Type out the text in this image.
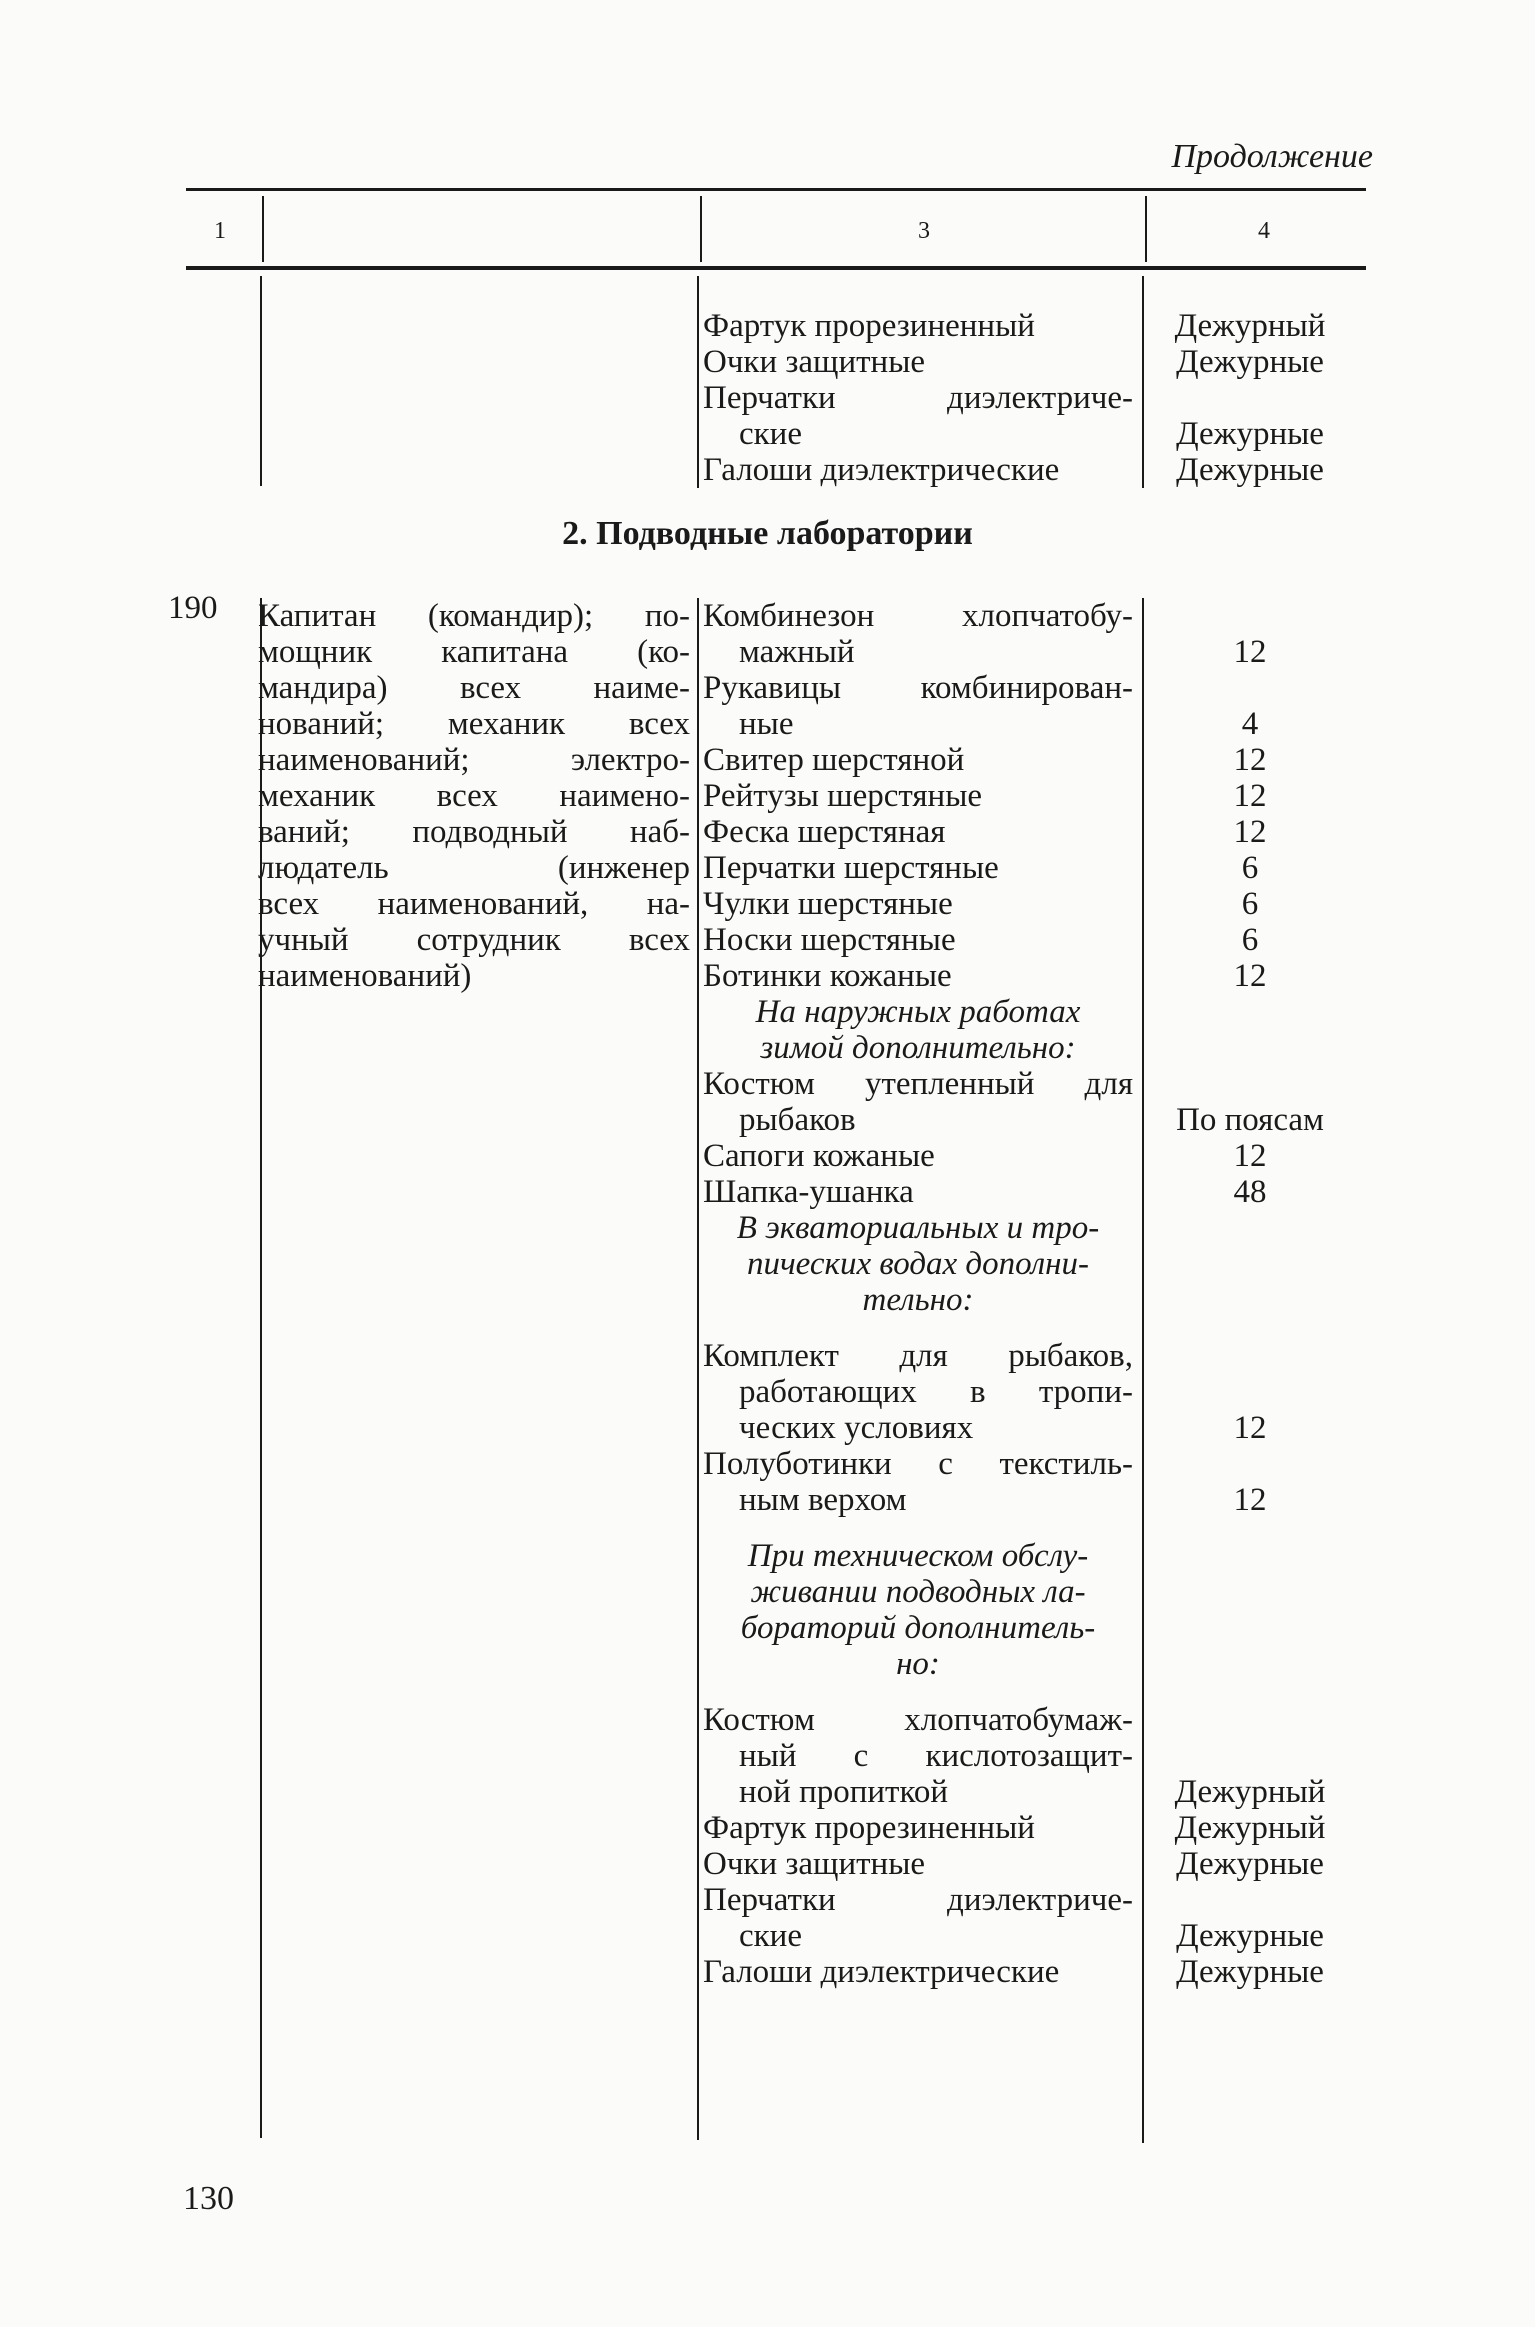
Продолжение
1	3	4
Фартук прорезиненный
Очки защитные
Перчатки диэлектриче-
ские
Галоши диэлектрические
Дежурный
Дежурные

Дежурные
Дежурные
2. Подводные лаборатории
190 Капитан (командир); по-
мощник капитана (ко-
мандира) всех наиме-
нований; механик всех
наименований; электро-
механик всех наимено-
ваний; подводный наб-
людатель (инженер
всех наименований, на-
учный сотрудник всех
наименований)
Комбинезон хлопчатобу-
мажный
Рукавицы комбинирован-
ные
Свитер шерстяной
Рейтузы шерстяные
Феска шерстяная
Перчатки шерстяные
Чулки шерстяные
Носки шерстяные
Ботинки кожаные
На наружных работах
зимой дополнительно:
Костюм утепленный для
рыбаков
Сапоги кожаные
Шапка-ушанка
В экваториальных и тро-
пических водах дополни-
тельно:
Комплект для рыбаков,
работающих в тропи-
ческих условиях
Полуботинки с текстиль-
ным верхом
При техническом обслу-
живании подводных ла-
бораторий дополнитель-
но:
Костюм хлопчатобумаж-
ный с кислотозащит-
ной пропиткой
Фартук прорезиненный
Очки защитные
Перчатки диэлектриче-
ские
Галоши диэлектрические

12

4
12
12
12
6
6
6
12

По поясам
12
48

12

12

Дежурный
Дежурный
Дежурные

Дежурные
Дежурные
130
